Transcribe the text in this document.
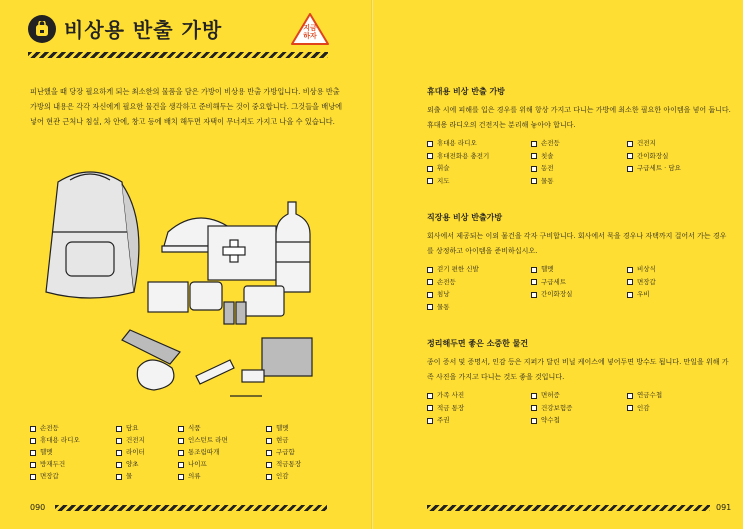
비상용 반출 가방	지금
하자
피난했을 때 당장 필요하게 되는 최소한의 물품을 담은 가방이 비상용 반출 가방입니다. 비상용 반출 가방의 내용은 각각 자신에게 필요한 물건을 생각하고 준비해두는 것이 중요합니다. 그것들을 배낭에 넣어 현관 근처나 침실, 차 안에, 창고 등에 배치 해두면 자택이 무너져도 가지고 나올 수 있습니다.
손전등	담요	식품	헬멧
휴대용 라디오	건전지	인스턴트 라면	현금
헬멧	라이터	통조림따개	구급함
방재두건	양초	나이프	적금통장
면장갑	물	의류	인감
090
휴대용 비상 반출 가방
외출 시에 피해를 입은 경우를 위해 항상 가지고 다니는 가방에 최소한 필요한 아이템을 넣어 둡니다. 휴대용 라디오의 건전지는 분리해 놓아야 합니다.
휴대용 라디오	손전등	건전지
휴대전화용 충전기	칫솔	간이화장실
휘슬	동전	구급세트 · 담요
지도	물통
직장용 비상 반출가방
회사에서 제공되는 이외 물건을 각자 구비합니다. 회사에서 묵을 경우나 자택까지 걸어서 가는 경우를 상정하고 아이템을 준비하십시오.
걷기 편한 신발	헬멧	비상식
손전등	구급세트	면장갑
침낭	간이화장실	우비
물통
정리해두면 좋은 소중한 물건
종이 증서 및 증명서, 인감 등은 지퍼가 달린 비닐 케이스에 넣어두면 방수도 됩니다. 만일을 위해 가족 사진을 가지고 다니는 것도 좋을 것입니다.
가족 사진	면허증	연금수첩
적금 통장	건강보험증	인감
주권	약수첩
091
